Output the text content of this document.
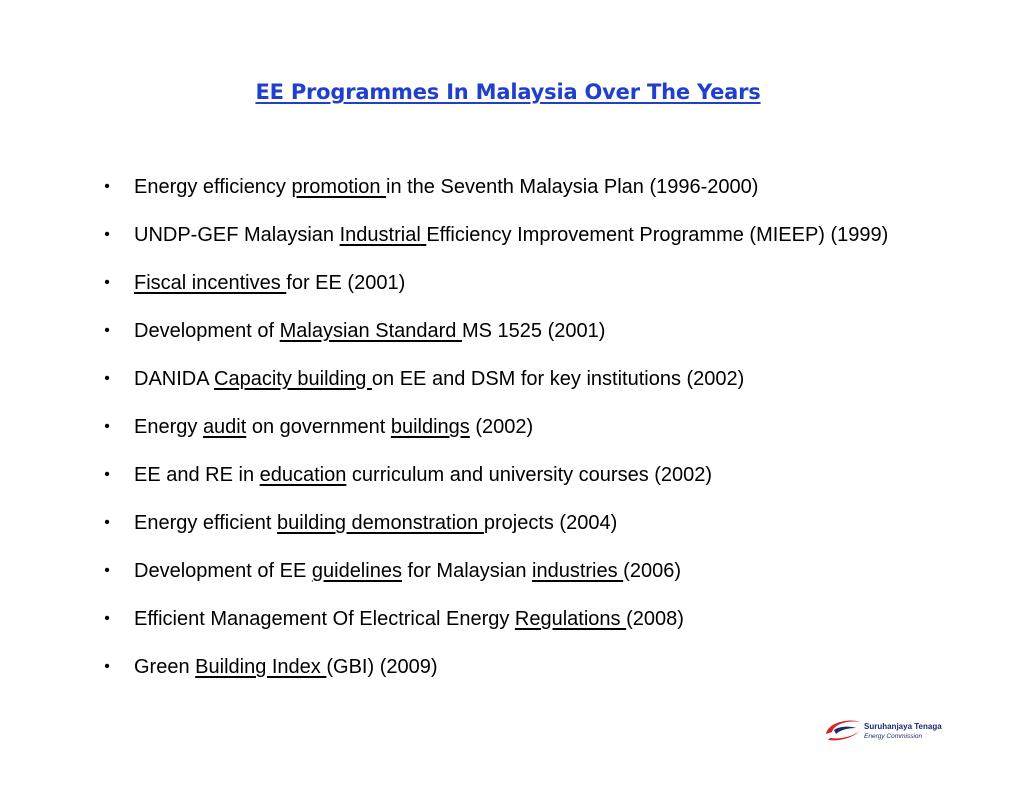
EE Programmes In Malaysia Over The Years
• Energy efficiency promotion in the Seventh Malaysia Plan (1996-2000)
• UNDP-GEF Malaysian Industrial Efficiency Improvement Programme (MIEEP) (1999)
• Fiscal incentives for EE (2001)
• Development of Malaysian Standard MS 1525 (2001)
• DANIDA Capacity building on EE and DSM for key institutions (2002)
• Energy audit on government buildings (2002)
• EE and RE in education curriculum and university courses (2002)
• Energy efficient building demonstration projects (2004)
• Development of EE guidelines for Malaysian industries (2006)
• Efficient Management Of Electrical Energy Regulations (2008)
• Green Building Index (GBI) (2009)
Suruhanjaya Tenaga
Energy Commission
